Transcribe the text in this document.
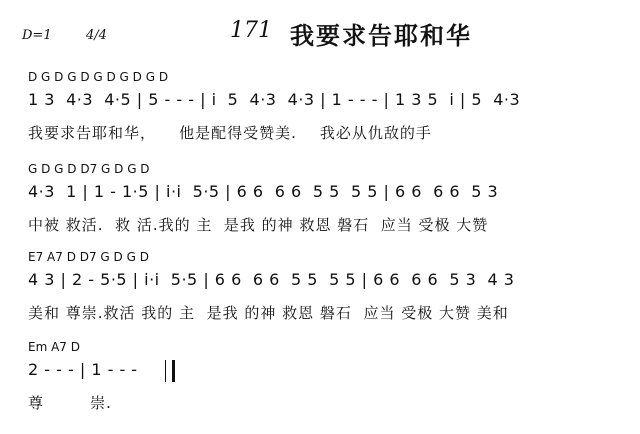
D=1	4/4	171 我要求告耶和华
D G D G D G D G D G D
1 3  4·3  4·5 | 5 - - - | i  5  4·3  4·3 | 1 - - - | 1 3 5  i | 5  4·3
我要求告耶和华，    他是配得受赞美.    我必从仇敌的手
G D G D D7 G D G D
4·3  1 | 1 - 1·5 | i·i  5·5 | 6 6  6 6  5 5  5 5 | 6 6  6 6  5 3
中被 救活.  救 活.我的 主  是我 的神 救恩 磐石  应当 受极 大赞
E7 A7 D D7 G D G D
4 3 | 2 - 5·5 | i·i  5·5 | 6 6  6 6  5 5  5 5 | 6 6  6 6  5 3  4 3
美和 尊崇.救活 我的 主  是我 的神 救恩 磐石  应当 受极 大赞 美和
Em A7 D
2 - - - | 1 - - -
尊        崇.
